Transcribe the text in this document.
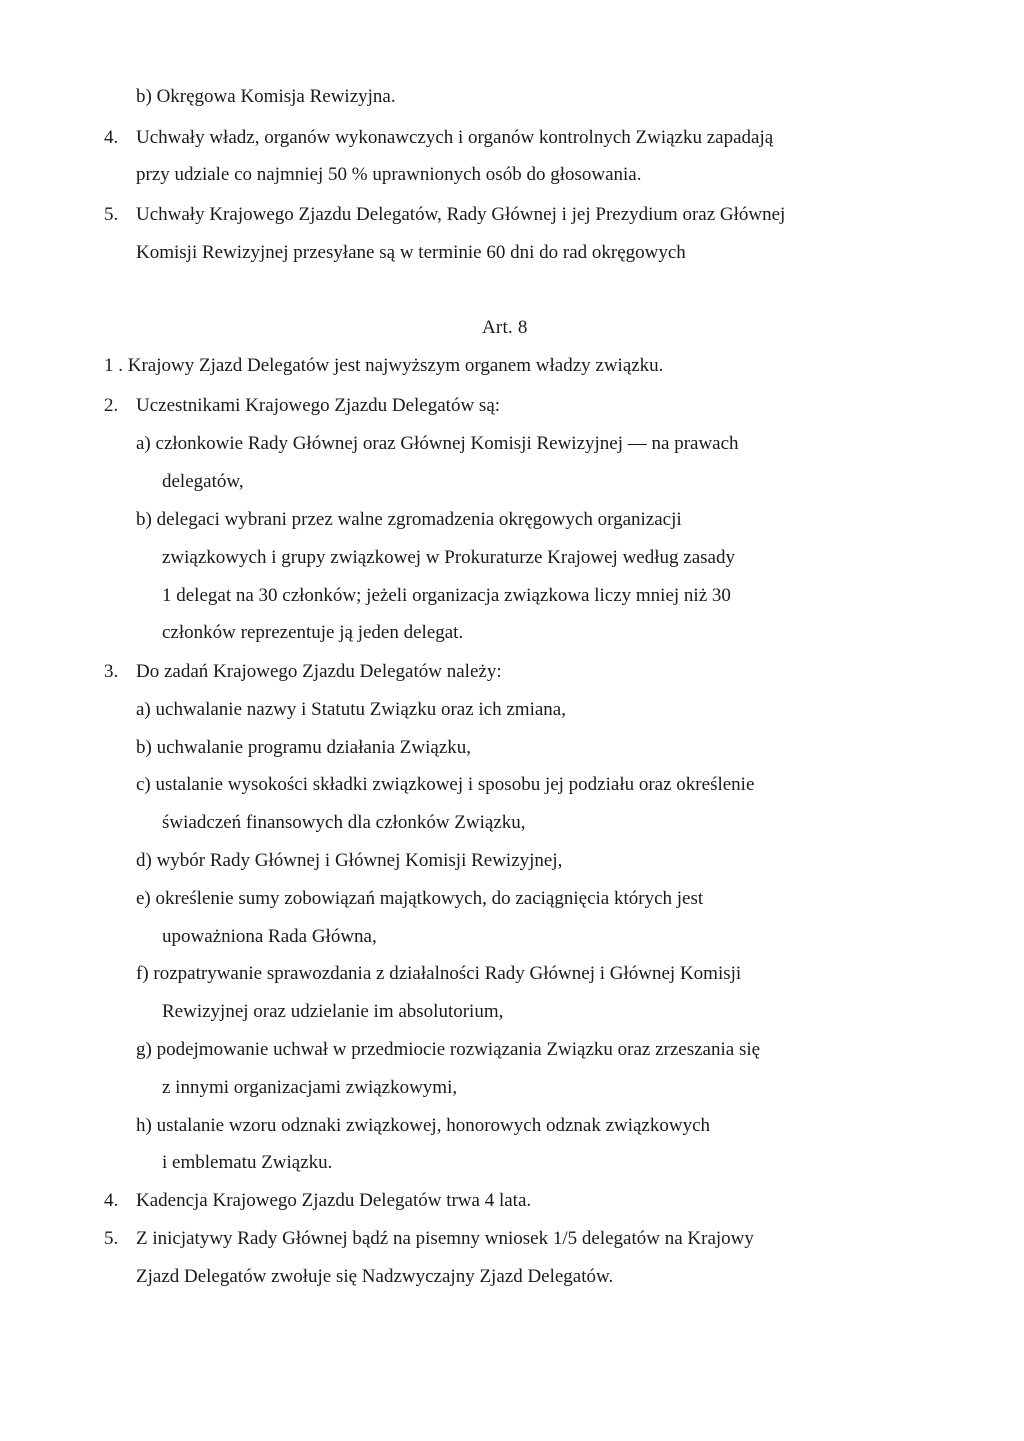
b) Okręgowa Komisja Rewizyjna.
4. Uchwały władz, organów wykonawczych i organów kontrolnych Związku zapadają
przy udziale co najmniej 50 % uprawnionych osób do głosowania.
5. Uchwały Krajowego Zjazdu Delegatów, Rady Głównej i jej Prezydium oraz Głównej
Komisji Rewizyjnej przesyłane są w terminie 60 dni do rad okręgowych
Art. 8
1 . Krajowy Zjazd Delegatów jest najwyższym organem władzy związku.
2. Uczestnikami Krajowego Zjazdu Delegatów są:
a) członkowie Rady Głównej oraz Głównej Komisji Rewizyjnej — na prawach
delegatów,
b) delegaci wybrani przez walne zgromadzenia okręgowych organizacji
związkowych i grupy związkowej w Prokuraturze Krajowej według zasady
1 delegat na 30 członków; jeżeli organizacja związkowa liczy mniej niż 30
członków reprezentuje ją jeden delegat.
3. Do zadań Krajowego Zjazdu Delegatów należy:
a) uchwalanie nazwy i Statutu Związku oraz ich zmiana,
b) uchwalanie programu działania Związku,
c) ustalanie wysokości składki związkowej i sposobu jej podziału oraz określenie
świadczeń finansowych dla członków Związku,
d) wybór Rady Głównej i Głównej Komisji Rewizyjnej,
e) określenie sumy zobowiązań majątkowych, do zaciągnięcia których jest
upoważniona Rada Główna,
f) rozpatrywanie sprawozdania z działalności Rady Głównej i Głównej Komisji
Rewizyjnej oraz udzielanie im absolutorium,
g) podejmowanie uchwał w przedmiocie rozwiązania Związku oraz zrzeszania się
z innymi organizacjami związkowymi,
h) ustalanie wzoru odznaki związkowej, honorowych odznak związkowych
i emblematu Związku.
4. Kadencja Krajowego Zjazdu Delegatów trwa 4 lata.
5. Z inicjatywy Rady Głównej bądź na pisemny wniosek 1/5 delegatów na Krajowy
Zjazd Delegatów zwołuje się Nadzwyczajny Zjazd Delegatów.
